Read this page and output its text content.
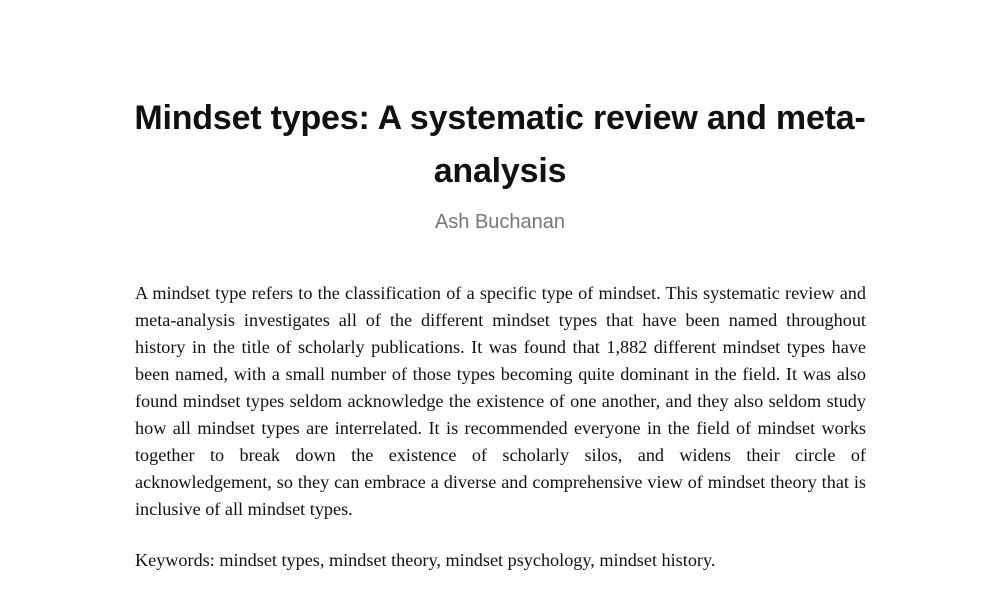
Mindset types: A systematic review and meta-analysis

Ash Buchanan

A mindset type refers to the classification of a specific type of mindset. This systematic review and meta-analysis investigates all of the different mindset types that have been named throughout history in the title of scholarly publications. It was found that 1,882 different mindset types have been named, with a small number of those types becoming quite dominant in the field. It was also found mindset types seldom acknowledge the existence of one another, and they also seldom study how all mindset types are interrelated. It is recommended everyone in the field of mindset works together to break down the existence of scholarly silos, and widens their circle of acknowledgement, so they can embrace a diverse and comprehensive view of mindset theory that is inclusive of all mindset types.

Keywords: mindset types, mindset theory, mindset psychology, mindset history.
